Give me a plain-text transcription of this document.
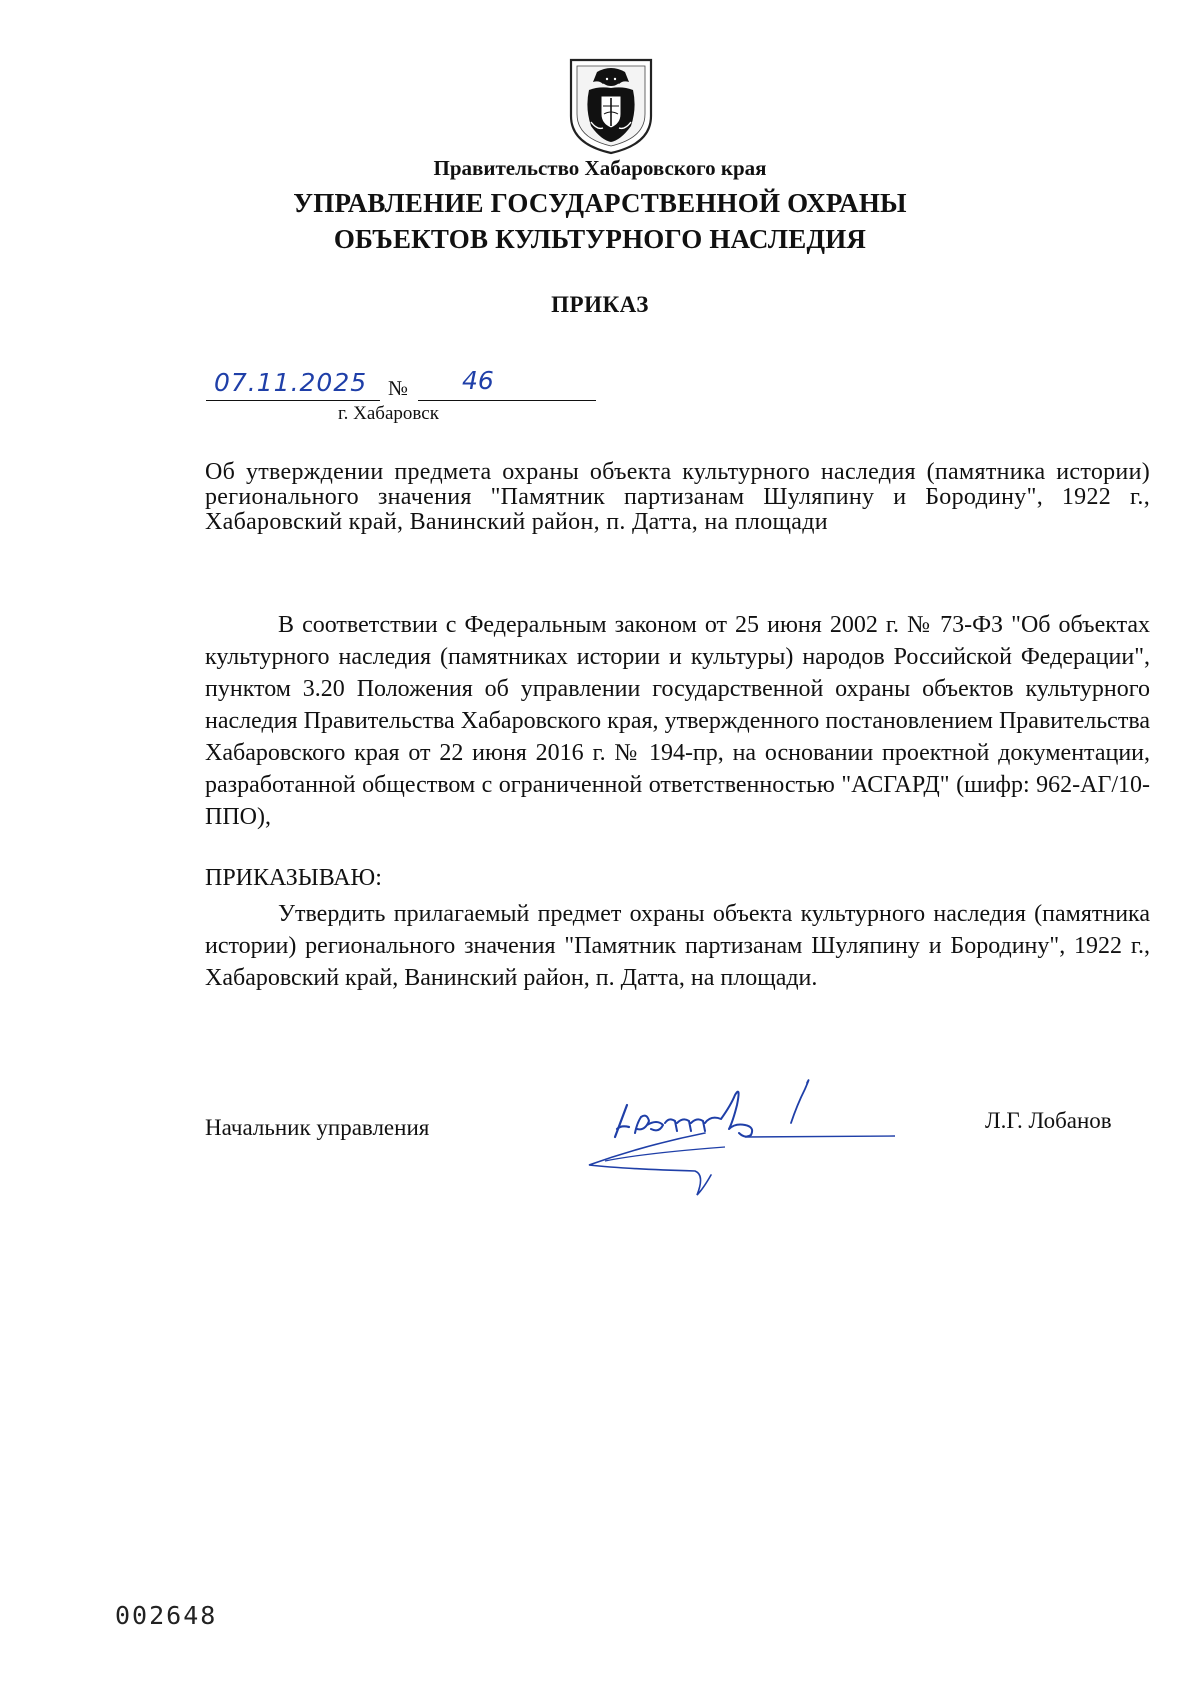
Правительство Хабаровского края
УПРАВЛЕНИЕ ГОСУДАРСТВЕННОЙ ОХРАНЫ
ОБЪЕКТОВ КУЛЬТУРНОГО НАСЛЕДИЯ
ПРИКАЗ
07.11.2025 № 46
г. Хабаровск
Об утверждении предмета охраны объекта культурного наследия (памятника истории) регионального значения "Памятник партизанам Шуляпину и Бородину", 1922 г., Хабаровский край, Ванинский район, п. Датта, на площади
В соответствии с Федеральным законом от 25 июня 2002 г. № 73-ФЗ "Об объектах культурного наследия (памятниках истории и культуры) народов Российской Федерации", пунктом 3.20 Положения об управлении государственной охраны объектов культурного наследия Правительства Хабаровского края, утвержденного постановлением Правительства Хабаровского края от 22 июня 2016 г. № 194-пр, на основании проектной документации, разработанной обществом с ограниченной ответственностью "АСГАРД" (шифр: 962-АГ/10-ППО),
ПРИКАЗЫВАЮ:
Утвердить прилагаемый предмет охраны объекта культурного наследия (памятника истории) регионального значения "Памятник партизанам Шуляпину и Бородину", 1922 г., Хабаровский край, Ванинский район, п. Датта, на площади.
Начальник управления	Л.Г. Лобанов
002648
